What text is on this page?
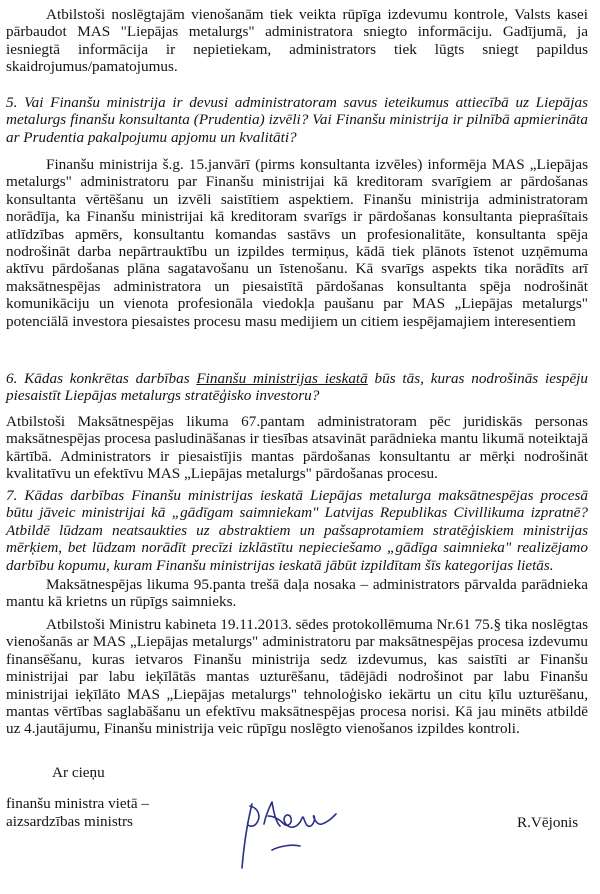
Atbilstoši noslēgtajām vienošanām tiek veikta rūpīga izdevumu kontrole, Valsts kasei pārbaudot MAS "Liepājas metalurgs" administratora sniegto informāciju. Gadījumā, ja iesniegtā informācija ir nepietiekam, administrators tiek lūgts sniegt papildus skaidrojumus/pamatojumus.

5. Vai Finanšu ministrija ir devusi administratoram savus ieteikumus attiecībā uz Liepājas metalurgs finanšu konsultanta (Prudentia) izvēli? Vai Finanšu ministrija ir pilnībā apmierināta ar Prudentia pakalpojumu apjomu un kvalitāti?

Finanšu ministrija š.g. 15.janvārī (pirms konsultanta izvēles) informēja MAS „Liepājas metalurgs" administratoru par Finanšu ministrijai kā kreditoram svarīgiem ar pārdošanas konsultanta vērtēšanu un izvēli saistītiem aspektiem. Finanšu ministrija administratoram norādīja, ka Finanšu ministrijai kā kreditoram svarīgs ir pārdošanas konsultanta piepraśītais atlīdzības apmērs, konsultantu komandas sastāvs un profesionalitāte, konsultanta spēja nodrošināt darba nepārtrauktību un izpildes termiņus, kādā tiek plānots īstenot uzņēmuma aktīvu pārdošanas plāna sagatavošanu un īstenošanu. Kā svarīgs aspekts tika norādīts arī maksātnespējas administratora un piesaistītā pārdošanas konsultanta spēja nodrošināt komunikāciju un vienota profesionāla viedokļa paušanu par MAS „Liepājas metalurgs" potenciālā investora piesaistes procesu masu medijiem un citiem iespējamajiem interesentiem

6. Kādas konkrētas darbības Finanšu ministrijas ieskatā būs tās, kuras nodrošinās iespēju piesaistīt Liepājas metalurgs stratēģisko investoru?

Atbilstoši Maksātnespējas likuma 67.pantam administratoram pēc juridiskās personas maksātnespējas procesa pasludināšanas ir tiesības atsavināt parādnieka mantu likumā noteiktajā kārtībā. Administrators ir piesaistījis mantas pārdošanas konsultantu ar mērķi nodrošināt kvalitatīvu un efektīvu MAS „Liepājas metalurgs" pārdošanas procesu.

7. Kādas darbības Finanšu ministrijas ieskatā Liepājas metalurga maksātnespējas procesā būtu jāveic ministrijai kā „gādīgam saimniekam" Latvijas Republikas Civillikuma izpratnē? Atbildē lūdzam neatsaukties uz abstraktiem un pašsaprotamiem stratēģiskiem ministrijas mērķiem, bet lūdzam norādīt precīzi izklāstītu nepieciešamo „gādīga saimnieka" realizējamo darbību kopumu, kuram Finanšu ministrijas ieskatā jābūt izpildītam šīs kategorijas lietās.

Maksātnespējas likuma 95.panta trešā daļa nosaka – administrators pārvalda parādnieka mantu kā krietns un rūpīgs saimnieks.

Atbilstoši Ministru kabineta 19.11.2013. sēdes protokollēmuma Nr.61 75.§ tika noslēgtas vienošanās ar MAS „Liepājas metalurgs" administratoru par maksātnespējas procesa izdevumu finansēšanu, kuras ietvaros Finanšu ministrija sedz izdevumus, kas saistīti ar Finanšu ministrijai par labu ieķīlātās mantas uzturēšanu, tādējādi nodrošinot par labu Finanšu ministrijai ieķīlāto MAS „Liepājas metalurgs" tehnoloģisko iekārtu un citu ķīlu uzturēšanu, mantas vērtības saglabāšanu un efektīvu maksātnespējas procesa norisi. Kā jau minēts atbildē uz 4.jautājumu, Finanšu ministrija veic rūpīgu noslēgto vienošanos izpildes kontroli.

Ar cieņu
finanšu ministra vietā –
aizsardzības ministrs	R.Vējonis
